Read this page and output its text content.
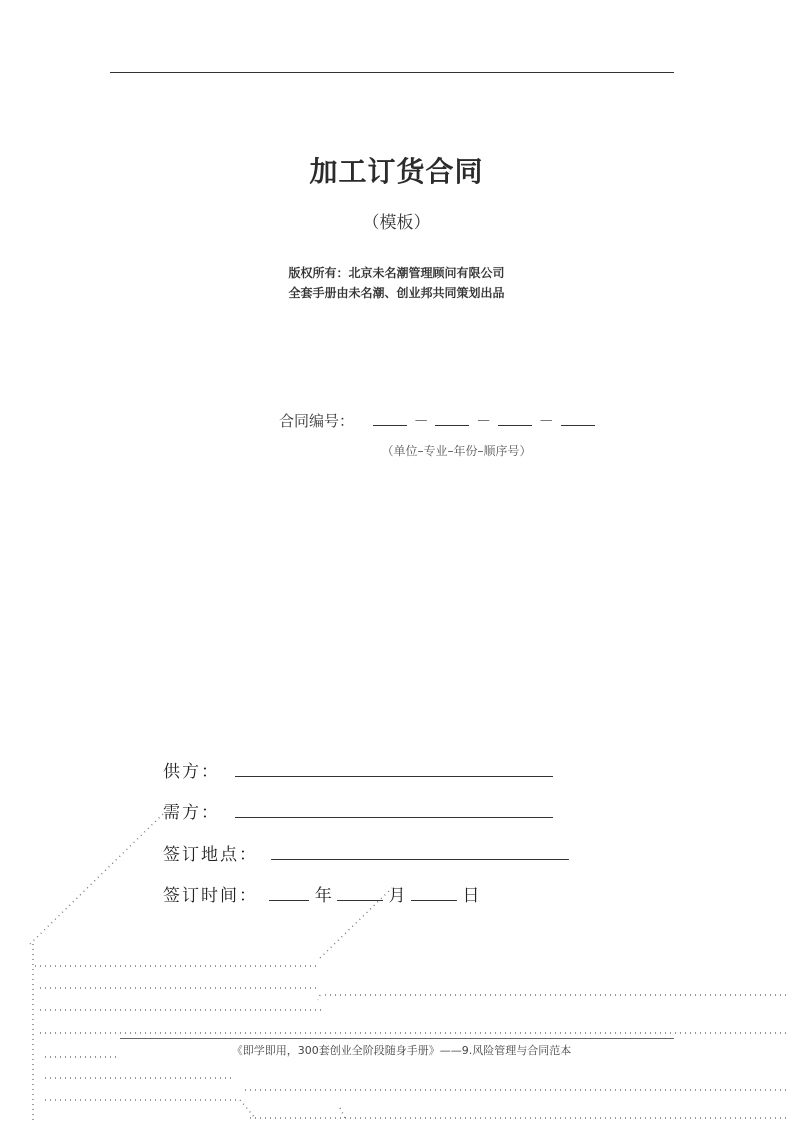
加工订货合同
（模板）
版权所有：北京未名潮管理顾问有限公司
全套手册由未名潮、创业邦共同策划出品
合同编号：	－	－	－
（单位–专业–年份–顺序号）
供方：
需方：
签订地点：
签订时间：	年	月	日
《即学即用，300套创业全阶段随身手册》——9.风险管理与合同范本
